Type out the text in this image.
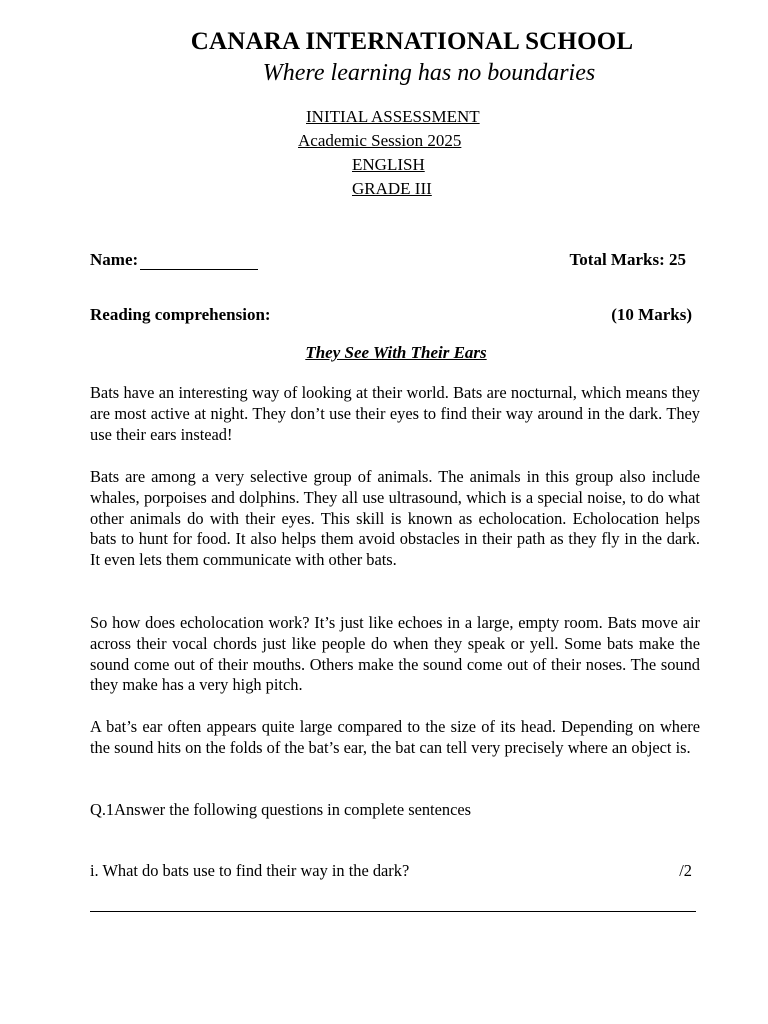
CANARA INTERNATIONAL SCHOOL
Where learning has no boundaries
INITIAL ASSESSMENT
Academic Session 2025
ENGLISH
GRADE III
Name:	Total Marks: 25
Reading comprehension:	(10 Marks)
They See With Their Ears

Bats have an interesting way of looking at their world. Bats are nocturnal, which means they are most active at night. They don’t use their eyes to find their way around in the dark. They use their ears instead!

Bats are among a very selective group of animals. The animals in this group also include whales, porpoises and dolphins. They all use ultrasound, which is a special noise, to do what other animals do with their eyes. This skill is known as echolocation. Echolocation helps bats to hunt for food. It also helps them avoid obstacles in their path as they fly in the dark. It even lets them communicate with other bats.

So how does echolocation work? It’s just like echoes in a large, empty room. Bats move air across their vocal chords just like people do when they speak or yell. Some bats make the sound come out of their mouths. Others make the sound come out of their noses. The sound they make has a very high pitch.

A bat’s ear often appears quite large compared to the size of its head. Depending on where the sound hits on the folds of the bat’s ear, the bat can tell very precisely where an object is.

Q.1Answer the following questions in complete sentences
i. What do bats use to find their way in the dark?	/2
